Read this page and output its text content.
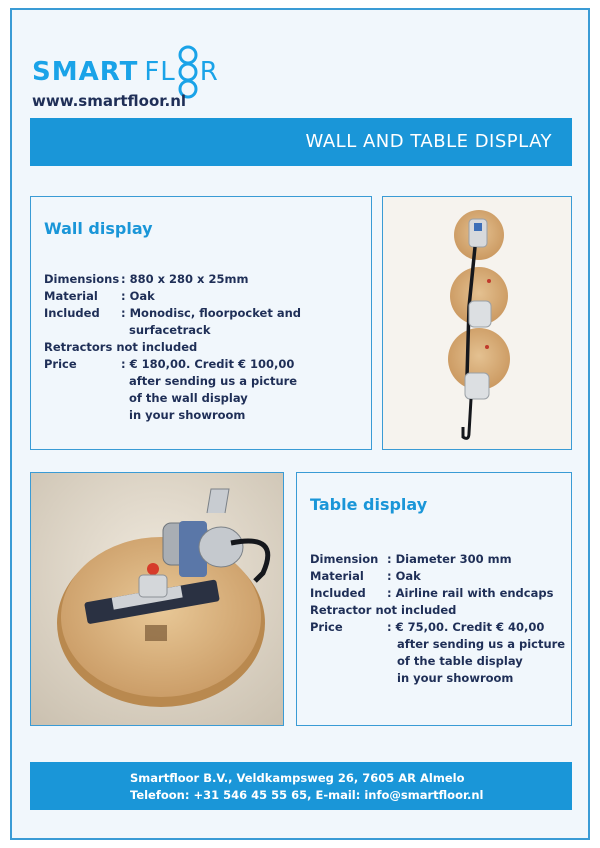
SMART FL R
www.smartfloor.nl
WALL AND TABLE DISPLAY
Wall display
Dimensions : 880 x 280 x 25mm
Material	: Oak
Included	: Monodisc, floorpocket and
surfacetrack
Retractors not included
Price	: € 180,00. Credit € 100,00
after sending us a picture
of the wall display
in your showroom
Table display
Dimension : Diameter 300 mm
Material	: Oak
Included	: Airline rail with endcaps
Retractor not included
Price	: € 75,00. Credit € 40,00
after sending us a picture
of the table display
in your showroom
Smartfloor B.V., Veldkampsweg 26, 7605 AR Almelo
Telefoon: +31 546 45 55 65, E-mail: info@smartfloor.nl
